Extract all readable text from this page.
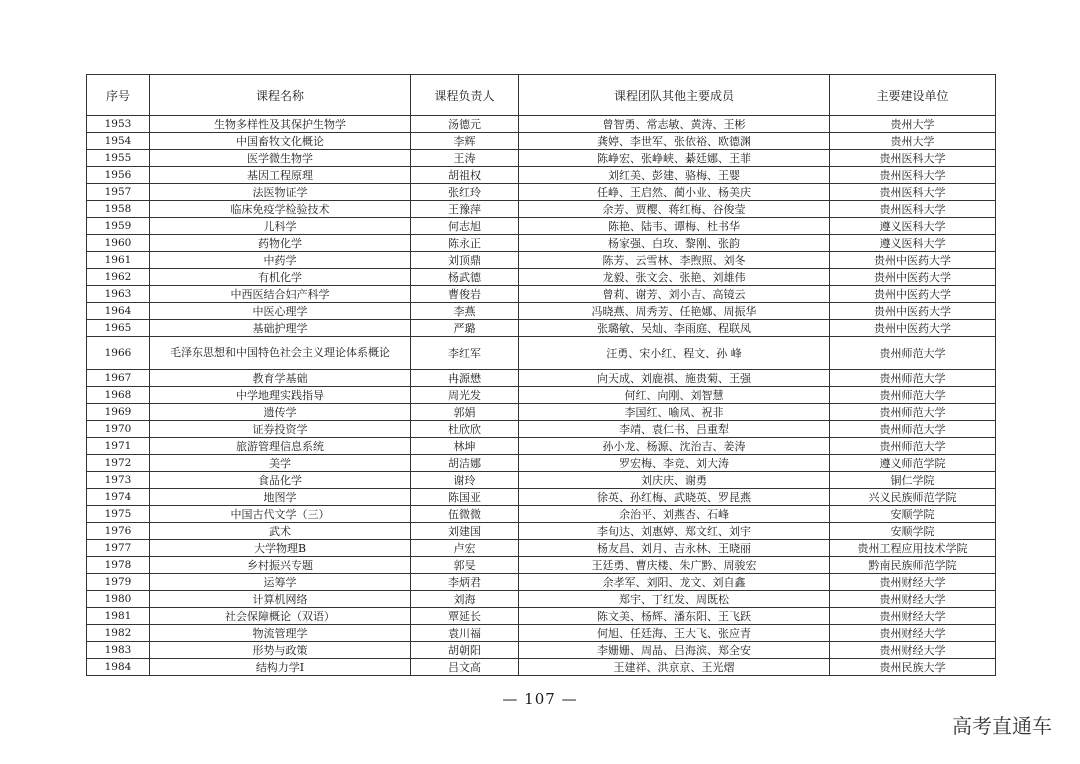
序号	课程名称	课程负责人	课程团队其他主要成员	主要建设单位
1953	生物多样性及其保护生物学	汤德元	曾智勇、常志敏、黄涛、王彬	贵州大学
1954	中国畜牧文化概论	李辉	龚婷、李世军、张依裕、欧德渊	贵州大学
1955	医学微生物学	王涛	陈峥宏、张峥峡、綦廷娜、王菲	贵州医科大学
1956	基因工程原理	胡祖权	刘红美、彭建、骆梅、王婴	贵州医科大学
1957	法医物证学	张红玲	任峥、王启然、蔺小业、杨美庆	贵州医科大学
1958	临床免疫学检验技术	王豫萍	余芳、贾樱、蒋红梅、谷俊莹	贵州医科大学
1959	儿科学	何志旭	陈艳、陆韦、谭梅、杜书华	遵义医科大学
1960	药物化学	陈永正	杨家强、白玫、黎刚、张韵	遵义医科大学
1961	中药学	刘顶鼎	陈芳、云雪林、李煦照、刘冬	贵州中医药大学
1962	有机化学	杨武德	龙毅、张文会、张艳、刘雄伟	贵州中医药大学
1963	中西医结合妇产科学	曹俊岩	曾莉、谢芳、刘小吉、高镜云	贵州中医药大学
1964	中医心理学	李燕	冯晓燕、周秀芳、任艳娜、周振华	贵州中医药大学
1965	基础护理学	严璐	张璐敏、吴灿、李雨庭、程联凤	贵州中医药大学
1966	毛泽东思想和中国特色社会主义理论体系概论	李红军	汪勇、宋小红、程文、孙 峰	贵州师范大学
1967	教育学基础	冉源懋	向天成、刘鹿祺、施贵菊、王强	贵州师范大学
1968	中学地理实践指导	周光发	何红、向刚、刘智慧	贵州师范大学
1969	遗传学	郭娟	李国红、喻凤、祝非	贵州师范大学
1970	证券投资学	杜欣欣	李靖、袁仁书、吕重犁	贵州师范大学
1971	旅游管理信息系统	林坤	孙小龙、杨源、沈治吉、姜涛	贵州师范大学
1972	美学	胡洁娜	罗宏梅、李竞、刘大涛	遵义师范学院
1973	食品化学	谢玲	刘庆庆、谢勇	铜仁学院
1974	地图学	陈国亚	徐英、孙红梅、武晓英、罗昆燕	兴义民族师范学院
1975	中国古代文学（三）	伍微微	余治平、刘燕杏、石峰	安顺学院
1976	武术	刘建国	李旬达、刘惠婷、郑文红、刘宇	安顺学院
1977	大学物理B	卢宏	杨友昌、刘月、吉永林、王晓丽	贵州工程应用技术学院
1978	乡村振兴专题	郭旻	王廷勇、曹庆楼、朱广黔、周骏宏	黔南民族师范学院
1979	运筹学	李炳君	余孝军、刘阳、龙文、刘自鑫	贵州财经大学
1980	计算机网络	刘海	郑宇、丁红发、周既松	贵州财经大学
1981	社会保障概论（双语）	覃延长	陈文美、杨辉、潘东阳、王飞跃	贵州财经大学
1982	物流管理学	袁川福	何旭、任廷海、王大飞、张应青	贵州财经大学
1983	形势与政策	胡朝阳	李姗姗、周晶、吕海滨、郑全安	贵州财经大学
1984	结构力学I	吕文高	王建祥、洪京京、王光熠	贵州民族大学
— 107 —
高考直通车
